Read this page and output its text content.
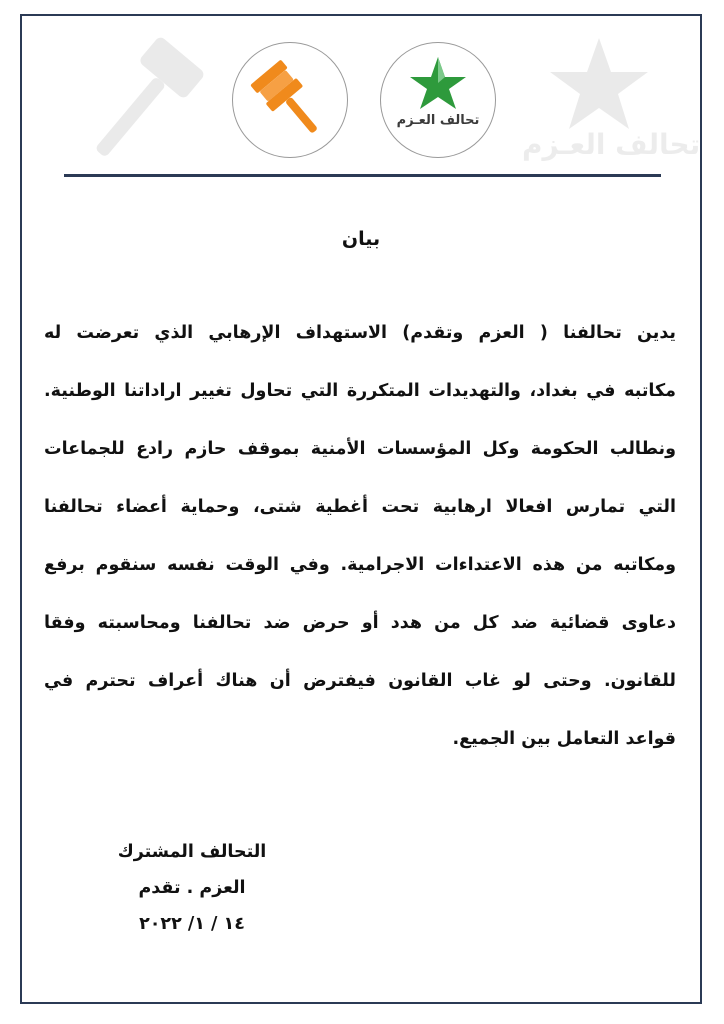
تحالف العـزم
تحالف العـزم
بيان
يدين تحالفنا ( العزم وتقدم) الاستهداف الإرهابي الذي تعرضت له
مكاتبه في بغداد، والتهديدات المتكررة التي تحاول تغيير اراداتنا الوطنية.
ونطالب الحكومة وكل المؤسسات الأمنية بموقف حازم رادع للجماعات
التي تمارس افعالا ارهابية تحت أغطية شتى، وحماية أعضاء تحالفنا
ومكاتبه من هذه الاعتداءات الاجرامية. وفي الوقت نفسه سنقوم برفع
دعاوى قضائية ضد كل من هدد أو حرض ضد تحالفنا ومحاسبته وفقا
للقانون. وحتى لو غاب القانون فيفترض أن هناك أعراف تحترم في
قواعد التعامل بين الجميع.
التحالف المشترك
العزم . تقدم
١٤ / ١/ ٢٠٢٢
